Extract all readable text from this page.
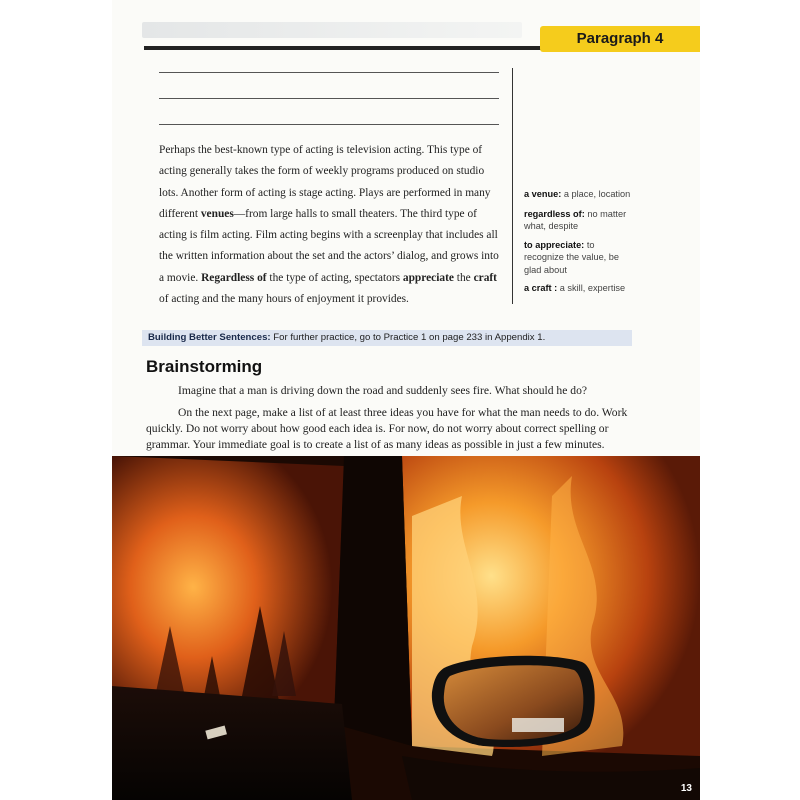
Paragraph 4

Perhaps the best-known type of acting is television acting. This type of acting generally takes the form of weekly programs produced on studio lots. Another form of acting is stage acting. Plays are performed in many different venues—from large halls to small theaters. The third type of acting is film acting. Film acting begins with a screenplay that includes all the written information about the set and the actors’ dialog, and grows into a movie. Regardless of the type of acting, spectators appreciate the craft of acting and the many hours of enjoyment it provides.

a venue: a place, location
regardless of: no matter what, despite
to appreciate: to recognize the value, be glad about
a craft : a skill, expertise
Building Better Sentences: For further practice, go to Practice 1 on page 233 in Appendix 1.
Brainstorming

Imagine that a man is driving down the road and suddenly sees fire. What should he do?

On the next page, make a list of at least three ideas you have for what the man needs to do. Work quickly. Do not worry about how good each idea is. For now, do not worry about correct spelling or grammar. Your immediate goal is to create a list of as many ideas as possible in just a few minutes.

13
